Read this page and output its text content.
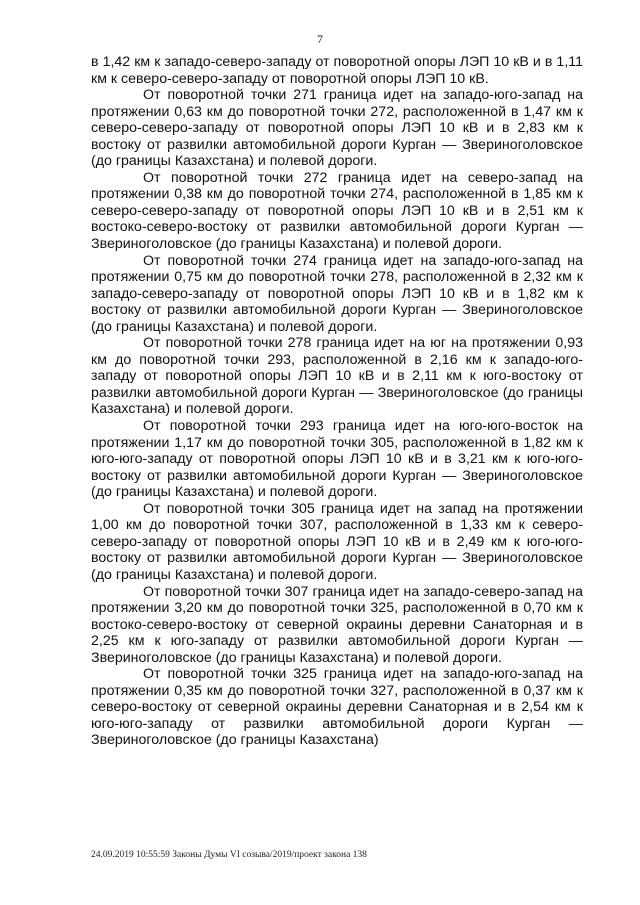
7

в 1,42 км к западо-северо-западу от поворотной опоры ЛЭП 10 кВ и в 1,11 км к северо-северо-западу от поворотной опоры ЛЭП 10 кВ.

От поворотной точки 271 граница идет на западо-юго-запад на протяжении 0,63 км до поворотной точки 272, расположенной в 1,47 км к северо-северо-западу от поворотной опоры ЛЭП 10 кВ и в 2,83 км к востоку от развилки автомобильной дороги Курган — Звериноголовское (до границы Казахстана) и полевой дороги.

От поворотной точки 272 граница идет на северо-запад на протяжении 0,38 км до поворотной точки 274, расположенной в 1,85 км к северо-северо-западу от поворотной опоры ЛЭП 10 кВ и в 2,51 км к востоко-северо-востоку от развилки автомобильной дороги Курган — Звериноголовское (до границы Казахстана) и полевой дороги.

От поворотной точки 274 граница идет на западо-юго-запад на протяжении 0,75 км до поворотной точки 278, расположенной в 2,32 км к западо-северо-западу от поворотной опоры ЛЭП 10 кВ и в 1,82 км к востоку от развилки автомобильной дороги Курган — Звериноголовское (до границы Казахстана) и полевой дороги.

От поворотной точки 278 граница идет на юг на протяжении 0,93 км до поворотной точки 293, расположенной в 2,16 км к западо-юго-западу от поворотной опоры ЛЭП 10 кВ и в 2,11 км к юго-востоку от развилки автомобильной дороги Курган — Звериноголовское (до границы Казахстана) и полевой дороги.

От поворотной точки 293 граница идет на юго-юго-восток на протяжении 1,17 км до поворотной точки 305, расположенной в 1,82 км к юго-юго-западу от поворотной опоры ЛЭП 10 кВ и в 3,21 км к юго-юго-востоку от развилки автомобильной дороги Курган — Звериноголовское (до границы Казахстана) и полевой дороги.

От поворотной точки 305 граница идет на запад на протяжении 1,00 км до поворотной точки 307, расположенной в 1,33 км к северо-северо-западу от поворотной опоры ЛЭП 10 кВ и в 2,49 км к юго-юго-востоку от развилки автомобильной дороги Курган — Звериноголовское (до границы Казахстана) и полевой дороги.

От поворотной точки 307 граница идет на западо-северо-запад на протяжении 3,20 км до поворотной точки 325, расположенной в 0,70 км к востоко-северо-востоку от северной окраины деревни Санаторная и в 2,25 км к юго-западу от развилки автомобильной дороги Курган — Звериноголовское (до границы Казахстана) и полевой дороги.

От поворотной точки 325 граница идет на западо-юго-запад на протяжении 0,35 км до поворотной точки 327, расположенной в 0,37 км к северо-востоку от северной окраины деревни Санаторная и в 2,54 км к юго-юго-западу от развилки автомобильной дороги Курган — Звериноголовское (до границы Казахстана)

24.09.2019 10:55:59 Законы Думы VI созыва/2019/проект закона 138
